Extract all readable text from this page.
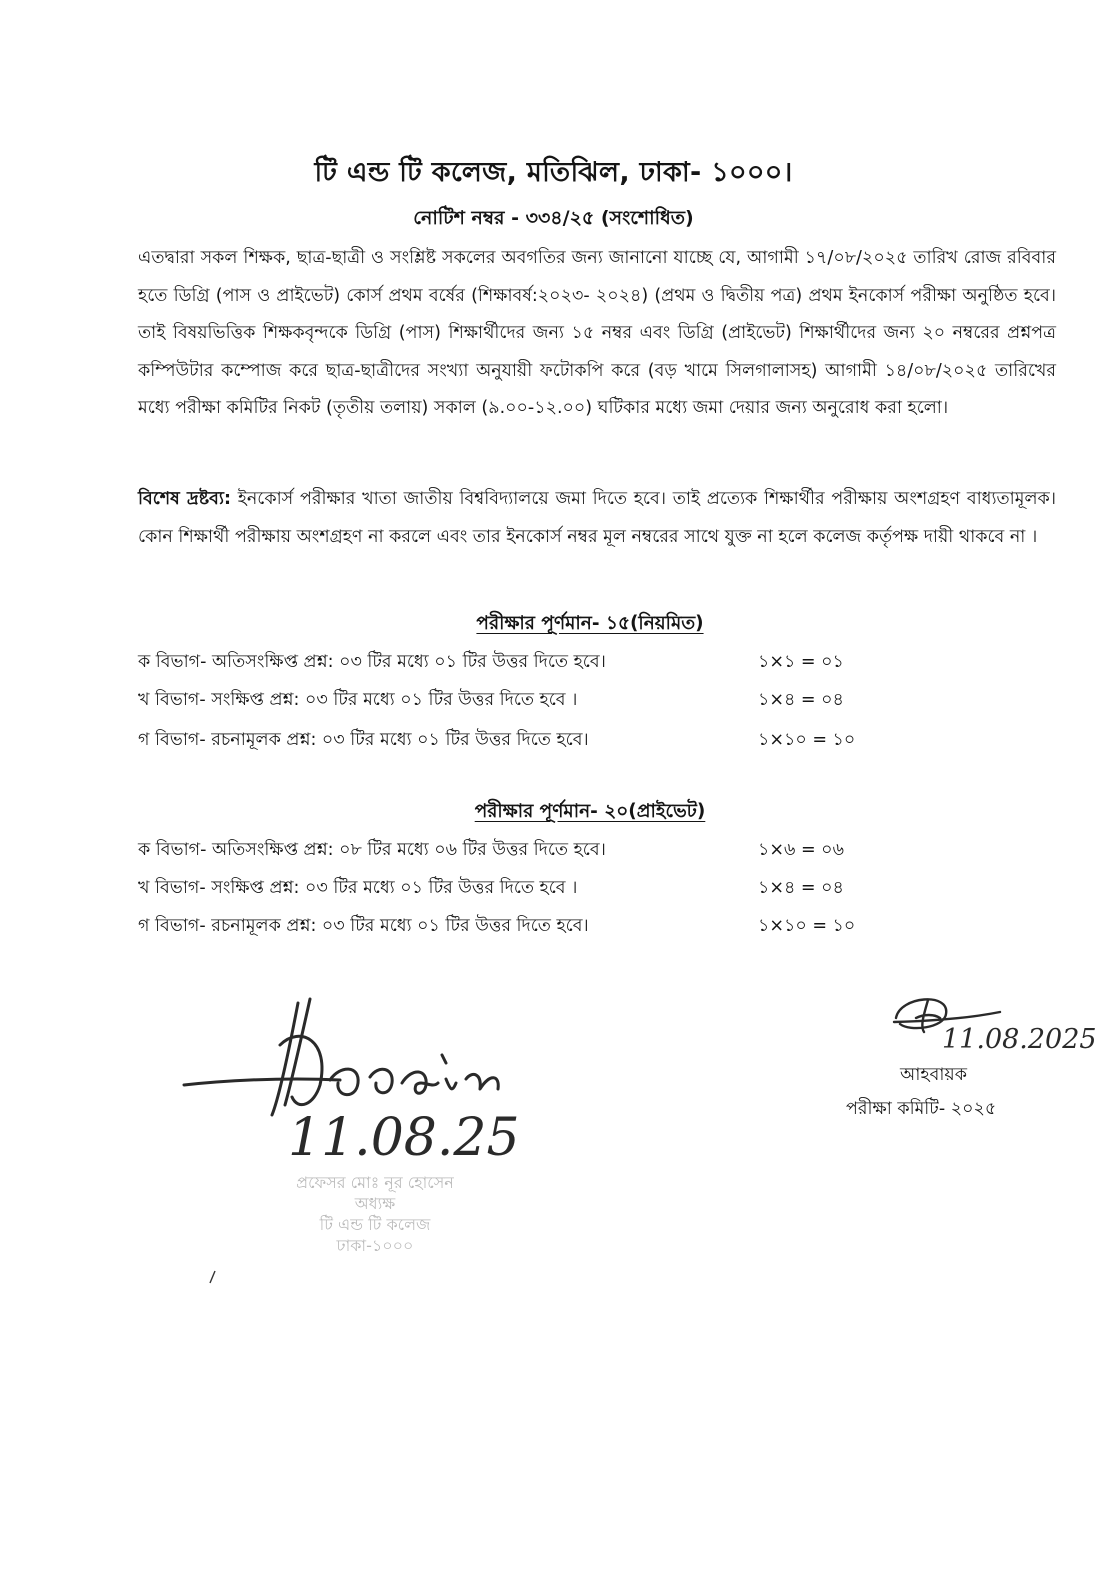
টি এন্ড টি কলেজ, মতিঝিল, ঢাকা- ১০০০।
নোটিশ নম্বর - ৩৩৪/২৫ (সংশোধিত)
এতদ্বারা সকল শিক্ষক, ছাত্র-ছাত্রী ও সংশ্লিষ্ট সকলের অবগতির জন্য জানানো যাচ্ছে যে, আগামী ১৭/০৮/২০২৫ তারিখ রোজ রবিবার হতে ডিগ্রি (পাস ও প্রাইভেট) কোর্স প্রথম বর্ষের (শিক্ষাবর্ষ:২০২৩- ২০২৪) (প্রথম ও দ্বিতীয় পত্র) প্রথম ইনকোর্স পরীক্ষা অনুষ্ঠিত হবে। তাই বিষয়ভিত্তিক শিক্ষকবৃন্দকে ডিগ্রি (পাস) শিক্ষার্থীদের জন্য ১৫ নম্বর এবং ডিগ্রি (প্রাইভেট) শিক্ষার্থীদের জন্য ২০ নম্বরের প্রশ্নপত্র কম্পিউটার কম্পোজ করে ছাত্র-ছাত্রীদের সংখ্যা অনুযায়ী ফটোকপি করে (বড় খামে সিলগালাসহ) আগামী ১৪/০৮/২০২৫ তারিখের মধ্যে পরীক্ষা কমিটির নিকট (তৃতীয় তলায়) সকাল (৯.০০-১২.০০) ঘটিকার মধ্যে জমা দেয়ার জন্য অনুরোধ করা হলো।
বিশেষ দ্রষ্টব্য: ইনকোর্স পরীক্ষার খাতা জাতীয় বিশ্ববিদ্যালয়ে জমা দিতে হবে। তাই প্রত্যেক শিক্ষার্থীর পরীক্ষায় অংশগ্রহণ বাধ্যতামূলক। কোন শিক্ষার্থী পরীক্ষায় অংশগ্রহণ না করলে এবং তার ইনকোর্স নম্বর মূল নম্বরের সাথে যুক্ত না হলে কলেজ কর্তৃপক্ষ দায়ী থাকবে না ।
পরীক্ষার পূর্ণমান- ১৫(নিয়মিত)
ক বিভাগ- অতিসংক্ষিপ্ত প্রশ্ন: ০৩ টির মধ্যে ০১ টির উত্তর দিতে হবে।	১×১ = ০১
খ বিভাগ- সংক্ষিপ্ত প্রশ্ন: ০৩ টির মধ্যে ০১ টির উত্তর দিতে হবে ।	১×৪ = ০৪
গ বিভাগ- রচনামূলক প্রশ্ন: ০৩ টির মধ্যে ০১ টির উত্তর দিতে হবে।	১×১০ = ১০
পরীক্ষার পূর্ণমান- ২০(প্রাইভেট)
ক বিভাগ- অতিসংক্ষিপ্ত প্রশ্ন: ০৮ টির মধ্যে ০৬ টির উত্তর দিতে হবে।	১×৬ = ০৬
খ বিভাগ- সংক্ষিপ্ত প্রশ্ন: ০৩ টির মধ্যে ০১ টির উত্তর দিতে হবে ।	১×৪ = ০৪
গ বিভাগ- রচনামূলক প্রশ্ন: ০৩ টির মধ্যে ০১ টির উত্তর দিতে হবে।	১×১০ = ১০
11.08.25
প্রফেসর মোঃ নূর হোসেন
অধ্যক্ষ
টি এন্ড টি কলেজ
ঢাকা-১০০০
11.08.2025
আহবায়ক
পরীক্ষা কমিটি- ২০২৫
